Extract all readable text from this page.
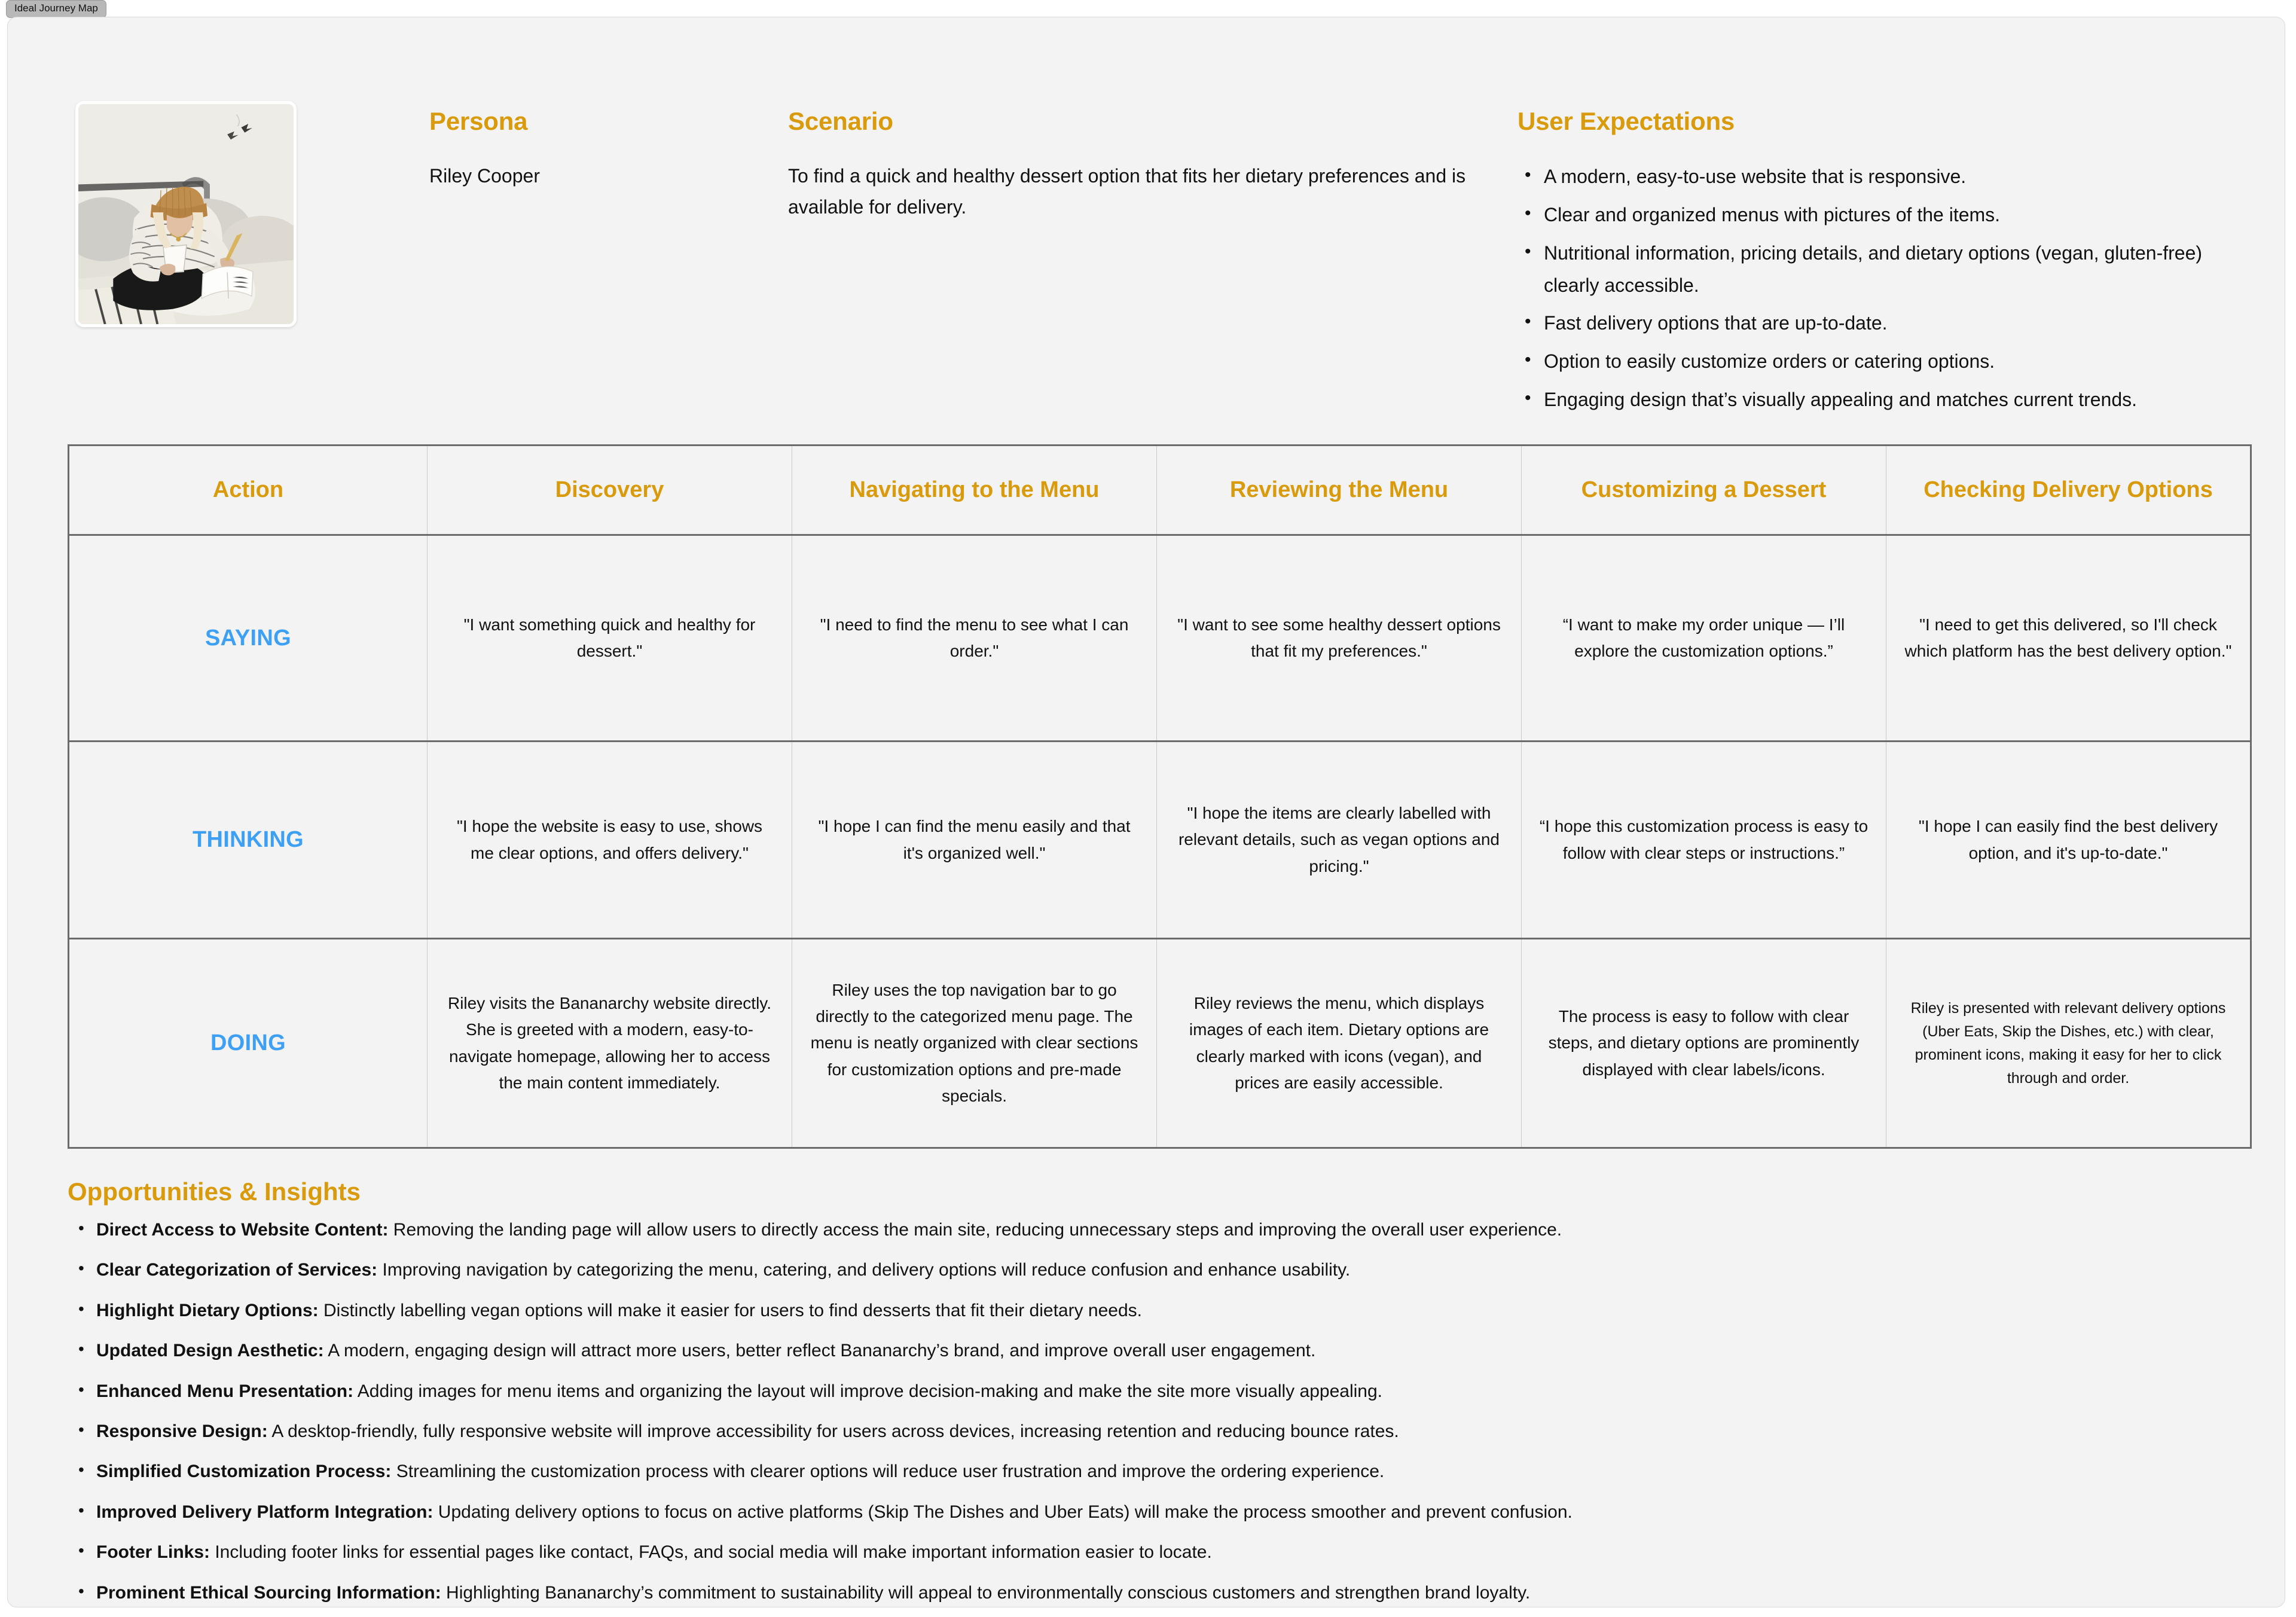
Ideal Journey Map
Persona

Riley Cooper

Scenario

To find a quick and healthy dessert option that fits her dietary preferences and is available for delivery.

User Expectations
• A modern, easy-to-use website that is responsive.
• Clear and organized menus with pictures of the items.
• Nutritional information, pricing details, and dietary options (vegan, gluten-free) clearly accessible.
• Fast delivery options that are up-to-date.
• Option to easily customize orders or catering options.
• Engaging design that’s visually appealing and matches current trends.
Action	Discovery	Navigating to the Menu	Reviewing the Menu	Customizing a Dessert	Checking Delivery Options
SAYING	"I want something quick and healthy for dessert."	"I need to find the menu to see what I can order."	"I want to see some healthy dessert options that fit my preferences."	“I want to make my order unique — I’ll explore the customization options.”	"I need to get this delivered, so I'll check which platform has the best delivery option."
THINKING	"I hope the website is easy to use, shows me clear options, and offers delivery."	"I hope I can find the menu easily and that it's organized well."	"I hope the items are clearly labelled with relevant details, such as vegan options and pricing."	“I hope this customization process is easy to follow with clear steps or instructions.”	"I hope I can easily find the best delivery option, and it's up-to-date."
DOING	Riley visits the Bananarchy website directly. She is greeted with a modern, easy-to-navigate homepage, allowing her to access the main content immediately.	Riley uses the top navigation bar to go directly to the categorized menu page. The menu is neatly organized with clear sections for customization options and pre-made specials.	Riley reviews the menu, which displays images of each item. Dietary options are clearly marked with icons (vegan), and prices are easily accessible.	The process is easy to follow with clear steps, and dietary options are prominently displayed with clear labels/icons.	Riley is presented with relevant delivery options (Uber Eats, Skip the Dishes, etc.) with clear, prominent icons, making it easy for her to click through and order.
Opportunities & Insights
• Direct Access to Website Content: Removing the landing page will allow users to directly access the main site, reducing unnecessary steps and improving the overall user experience.
• Clear Categorization of Services: Improving navigation by categorizing the menu, catering, and delivery options will reduce confusion and enhance usability.
• Highlight Dietary Options: Distinctly labelling vegan options will make it easier for users to find desserts that fit their dietary needs.
• Updated Design Aesthetic: A modern, engaging design will attract more users, better reflect Bananarchy’s brand, and improve overall user engagement.
• Enhanced Menu Presentation: Adding images for menu items and organizing the layout will improve decision-making and make the site more visually appealing.
• Responsive Design: A desktop-friendly, fully responsive website will improve accessibility for users across devices, increasing retention and reducing bounce rates.
• Simplified Customization Process: Streamlining the customization process with clearer options will reduce user frustration and improve the ordering experience.
• Improved Delivery Platform Integration: Updating delivery options to focus on active platforms (Skip The Dishes and Uber Eats) will make the process smoother and prevent confusion.
• Footer Links: Including footer links for essential pages like contact, FAQs, and social media will make important information easier to locate.
• Prominent Ethical Sourcing Information: Highlighting Bananarchy’s commitment to sustainability will appeal to environmentally conscious customers and strengthen brand loyalty.
